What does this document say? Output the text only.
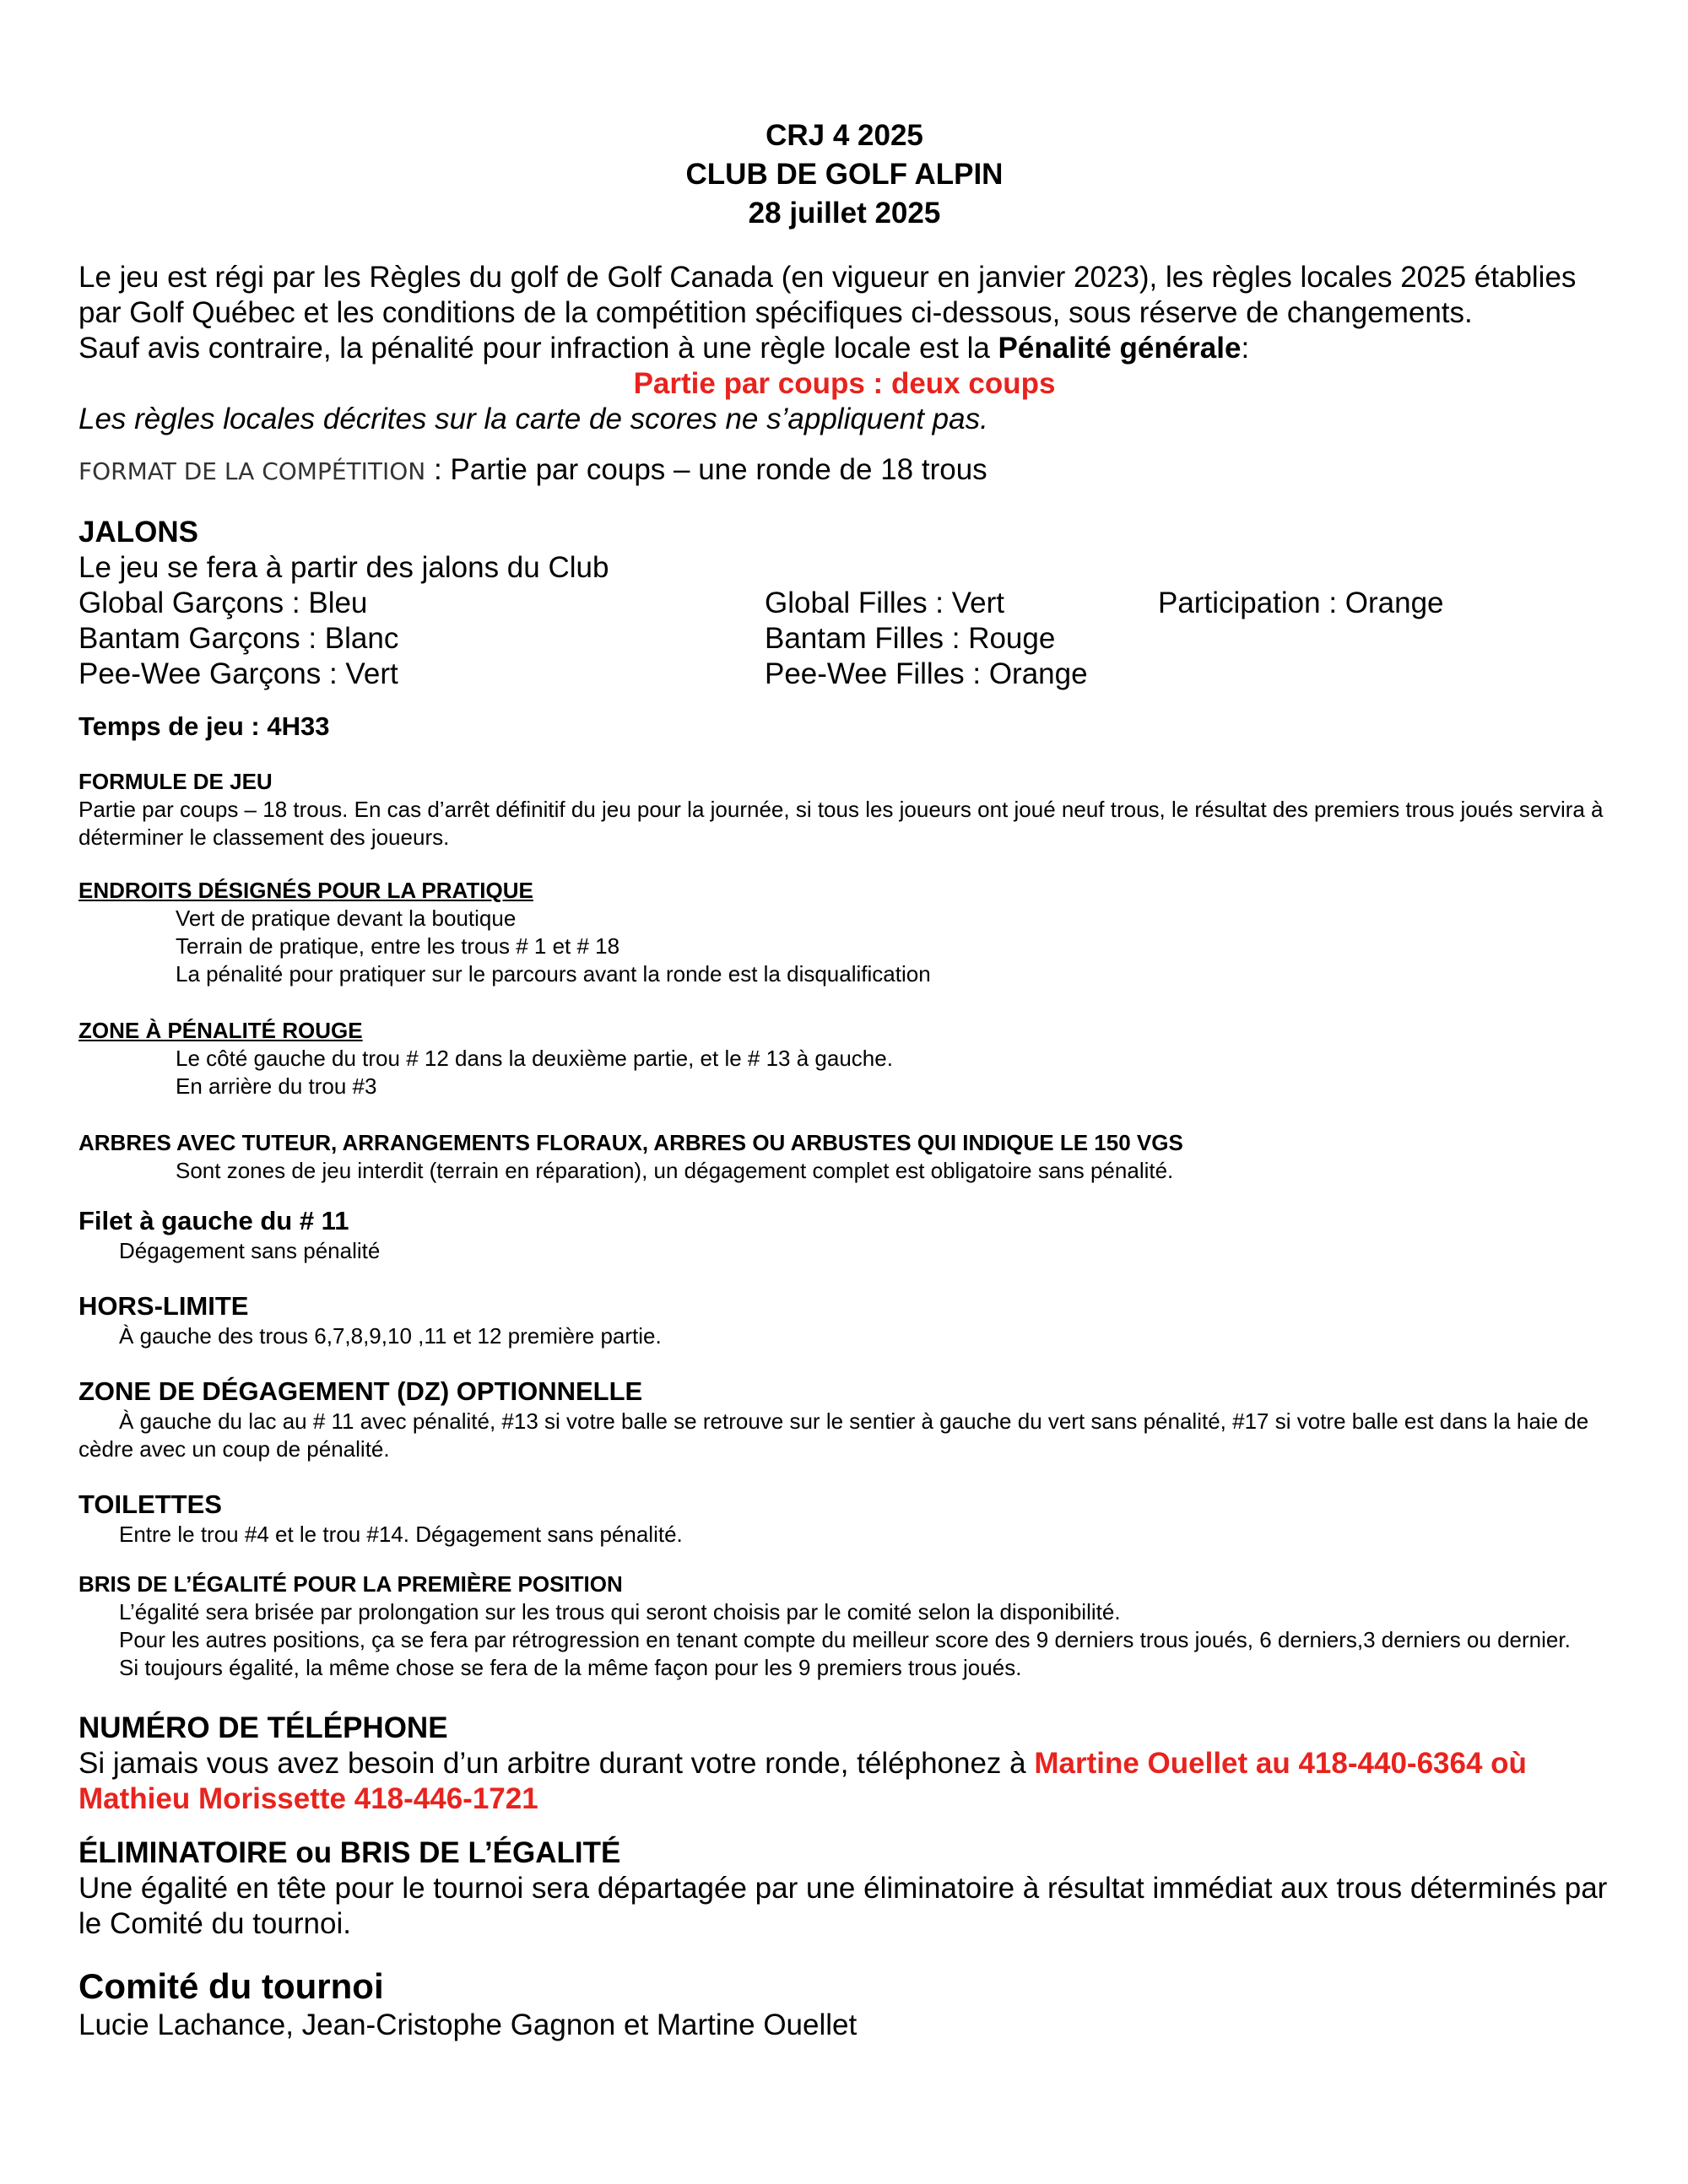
CRJ 4 2025
CLUB DE GOLF ALPIN
28 juillet 2025
Le jeu est régi par les Règles du golf de Golf Canada (en vigueur en janvier 2023), les règles locales 2025 établies par Golf Québec et les conditions de la compétition spécifiques ci-dessous, sous réserve de changements.
Sauf avis contraire, la pénalité pour infraction à une règle locale est la Pénalité générale:
Partie par coups : deux coups
Les règles locales décrites sur la carte de scores ne s’appliquent pas.
FORMAT DE LA COMPÉTITION : Partie par coups – une ronde de 18 trous
JALONS
Le jeu se fera à partir des jalons du Club
Global Garçons : Bleu	Global Filles : Vert	Participation : Orange
Bantam Garçons : Blanc	Bantam Filles : Rouge
Pee-Wee Garçons : Vert	Pee-Wee Filles : Orange
Temps de jeu : 4H33
FORMULE DE JEU
Partie par coups – 18 trous. En cas d’arrêt définitif du jeu pour la journée, si tous les joueurs ont joué neuf trous, le résultat des premiers trous joués servira à déterminer le classement des joueurs.
ENDROITS DÉSIGNÉS POUR LA PRATIQUE
Vert de pratique devant la boutique
Terrain de pratique, entre les trous # 1 et # 18
La pénalité pour pratiquer sur le parcours avant la ronde est la disqualification
ZONE À PÉNALITÉ ROUGE
Le côté gauche du trou # 12 dans la deuxième partie, et le # 13 à gauche.
En arrière du trou #3
ARBRES AVEC TUTEUR, ARRANGEMENTS FLORAUX, ARBRES OU ARBUSTES QUI INDIQUE LE 150 VGS
Sont zones de jeu interdit (terrain en réparation), un dégagement complet est obligatoire sans pénalité.
Filet à gauche du # 11
Dégagement sans pénalité
HORS-LIMITE
À gauche des trous 6,7,8,9,10 ,11 et 12 première partie.
ZONE DE DÉGAGEMENT (DZ) OPTIONNELLE
À gauche du lac au # 11 avec pénalité, #13 si votre balle se retrouve sur le sentier à gauche du vert sans pénalité, #17 si votre balle est dans la haie de cèdre avec un coup de pénalité.
TOILETTES
Entre le trou #4 et le trou #14. Dégagement sans pénalité.
BRIS DE L’ÉGALITÉ POUR LA PREMIÈRE POSITION
L’égalité sera brisée par prolongation sur les trous qui seront choisis par le comité selon la disponibilité.
Pour les autres positions, ça se fera par rétrogression en tenant compte du meilleur score des 9 derniers trous joués, 6 derniers,3 derniers ou dernier.
Si toujours égalité, la même chose se fera de la même façon pour les 9 premiers trous joués.
NUMÉRO DE TÉLÉPHONE
Si jamais vous avez besoin d’un arbitre durant votre ronde, téléphonez à Martine Ouellet au 418-440-6364 où Mathieu Morissette 418-446-1721
ÉLIMINATOIRE ou BRIS DE L’ÉGALITÉ
Une égalité en tête pour le tournoi sera départagée par une éliminatoire à résultat immédiat aux trous déterminés par le Comité du tournoi.
Comité du tournoi
Lucie Lachance, Jean-Cristophe Gagnon et Martine Ouellet
